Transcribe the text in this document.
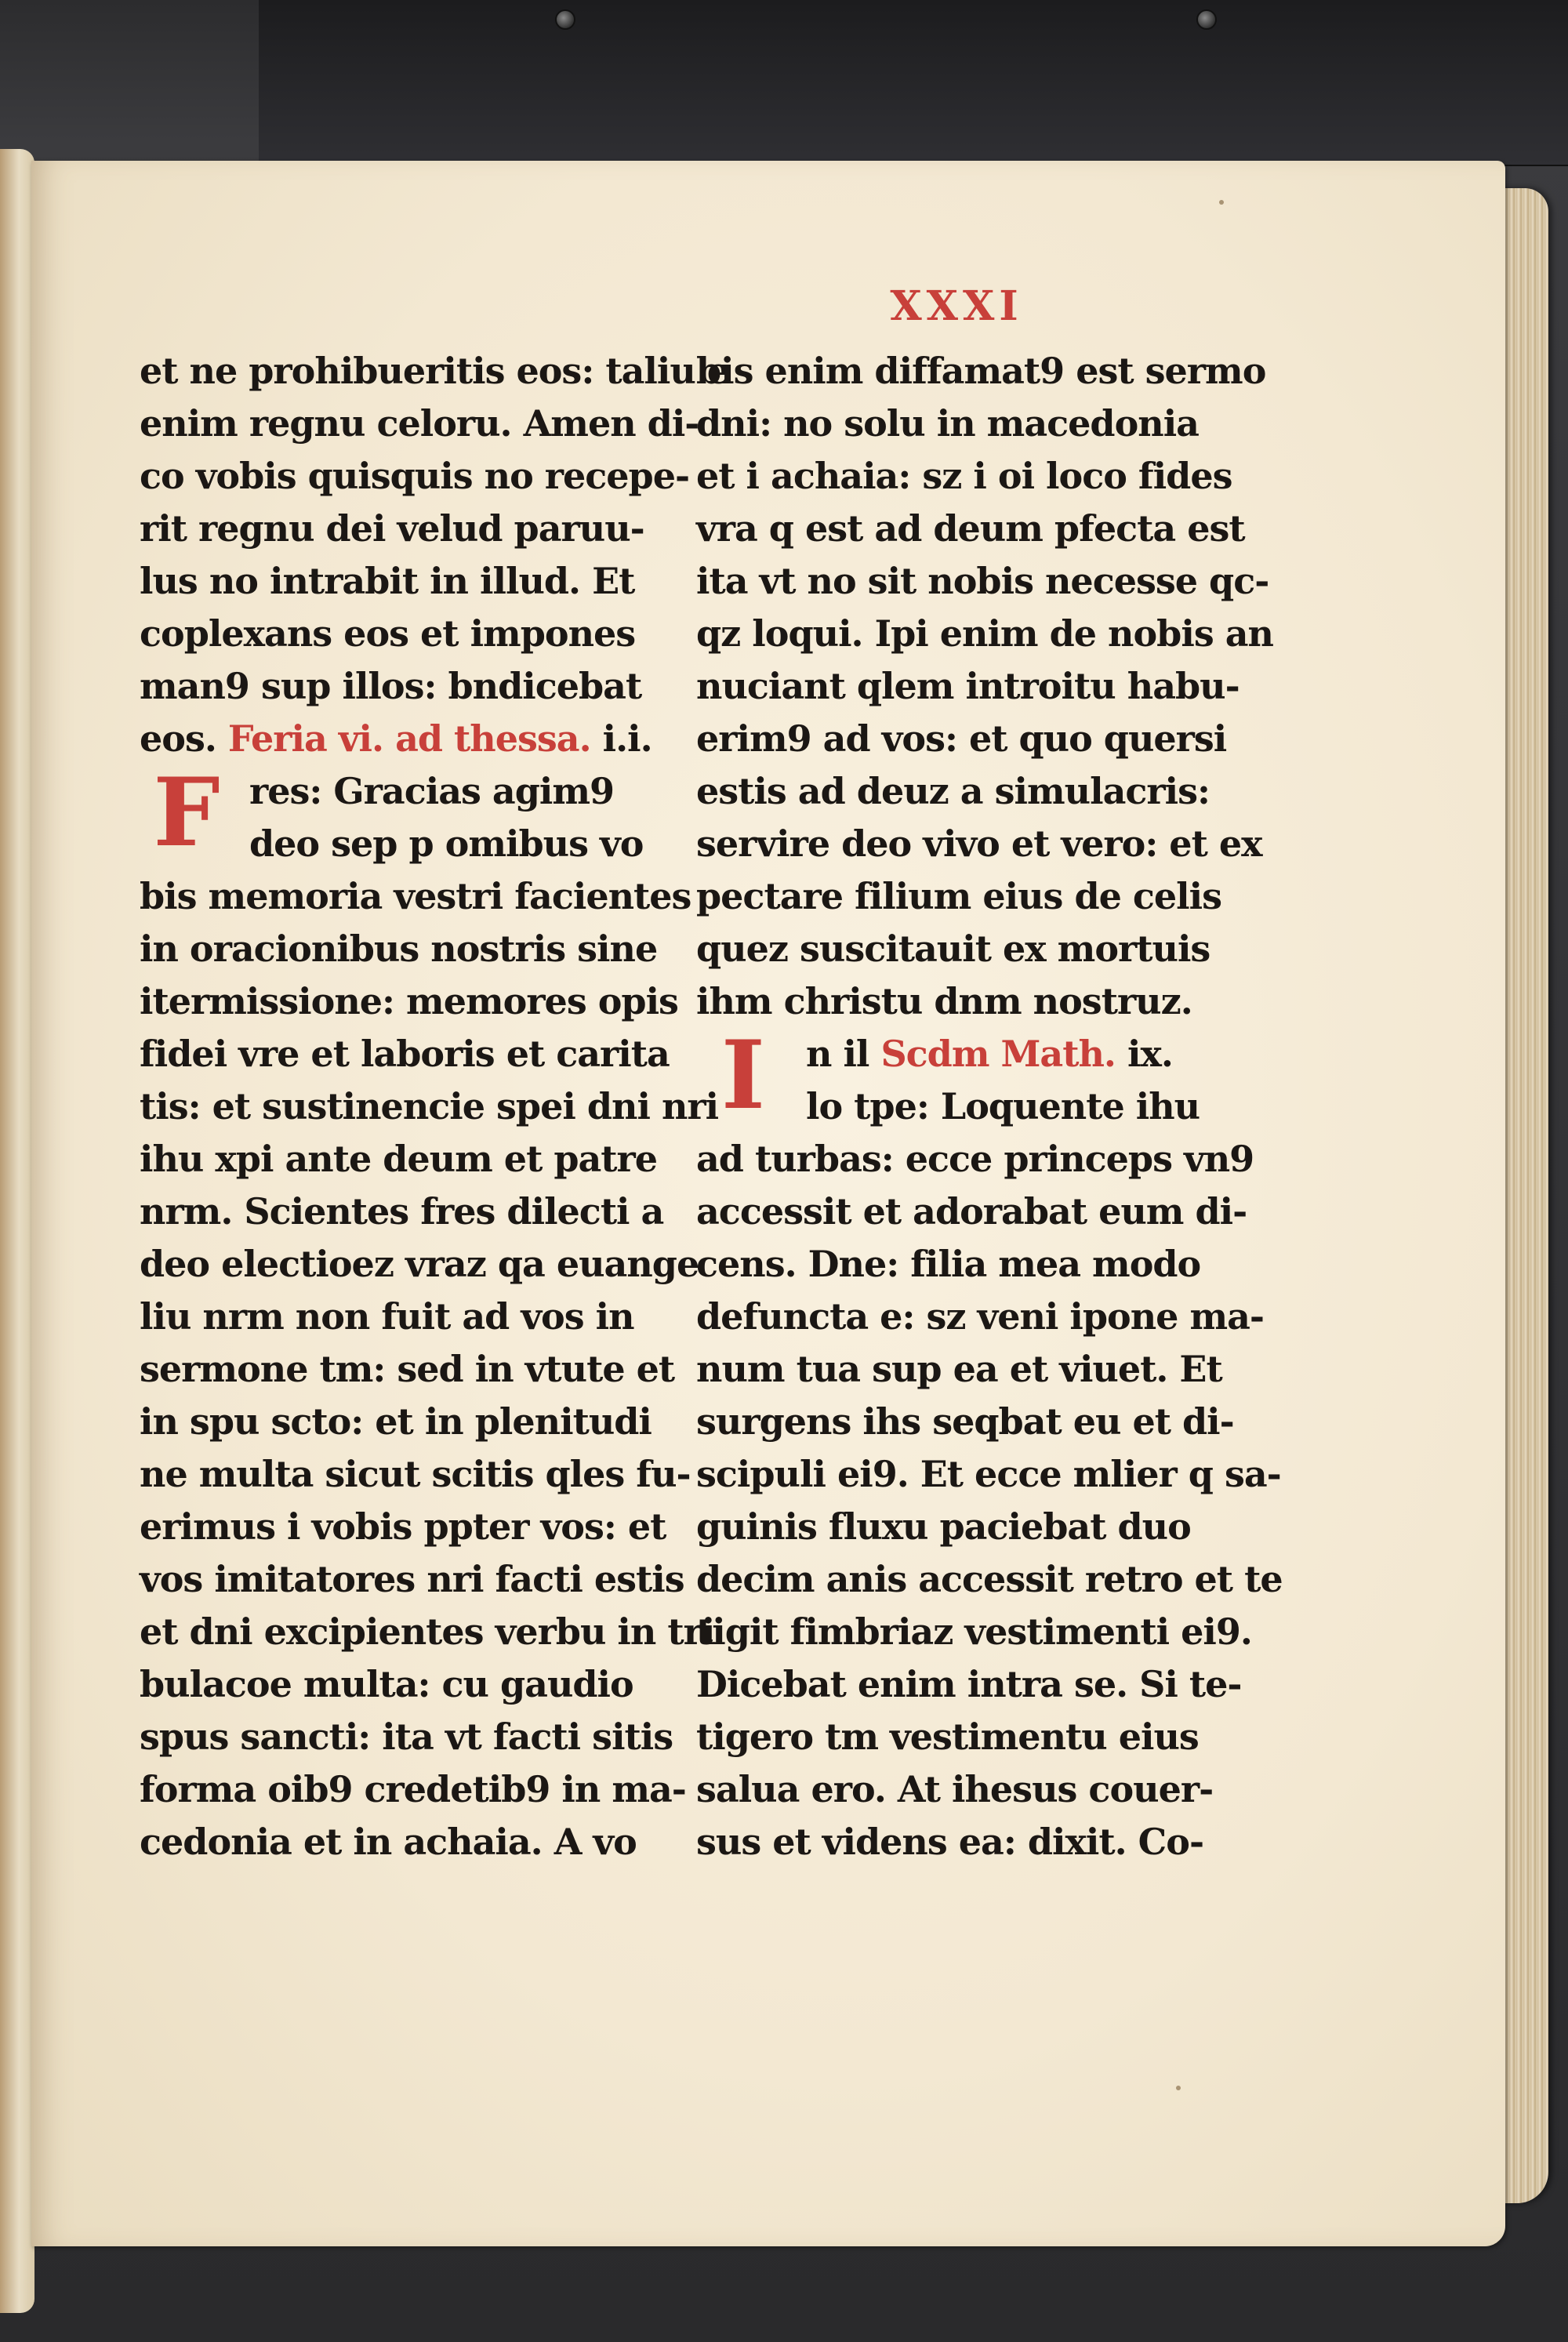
XXXI
et ne prohibueritis eos: taliu e
enim regnu celoru. Amen di-
co vobis quisquis no recepe-
rit regnu dei velud paruu-
lus no intrabit in illud. Et
coplexans eos et impones
man9 sup illos: bndicebat
eos. Feria vi. ad thessa. i.i.
F res: Gracias agim9
deo sep p omibus vo
bis memoria vestri facientes
in oracionibus nostris sine
itermissione: memores opis
fidei vre et laboris et carita
tis: et sustinencie spei dni nri
ihu xpi ante deum et patre
nrm. Scientes fres dilecti a
deo electioez vraz qa euange
liu nrm non fuit ad vos in
sermone tm: sed in vtute et
in spu scto: et in plenitudi
ne multa sicut scitis qles fu-
erimus i vobis ppter vos: et
vos imitatores nri facti estis
et dni excipientes verbu in tri
bulacoe multa: cu gaudio
spus sancti: ita vt facti sitis
forma oib9 credetib9 in ma-
cedonia et in achaia. A vo
bis enim diffamat9 est sermo
dni: no solu in macedonia
et i achaia: sz i oi loco fides
vra q est ad deum pfecta est
ita vt no sit nobis necesse qc-
qz loqui. Ipi enim de nobis an
nuciant qlem introitu habu-
erim9 ad vos: et quo quersi
estis ad deuz a simulacris:
servire deo vivo et vero: et ex
pectare filium eius de celis
quez suscitauit ex mortuis
ihm christu dnm nostruz.
I	n il Scdm Math. ix.
lo tpe: Loquente ihu
ad turbas: ecce princeps vn9
accessit et adorabat eum di-
cens. Dne: filia mea modo
defuncta e: sz veni ipone ma-
num tua sup ea et viuet. Et
surgens ihs seqbat eu et di-
scipuli ei9. Et ecce mlier q sa-
guinis fluxu paciebat duo
decim anis accessit retro et te
tigit fimbriaz vestimenti ei9.
Dicebat enim intra se. Si te-
tigero tm vestimentu eius
salua ero. At ihesus couer-
sus et videns ea: dixit. Co-
